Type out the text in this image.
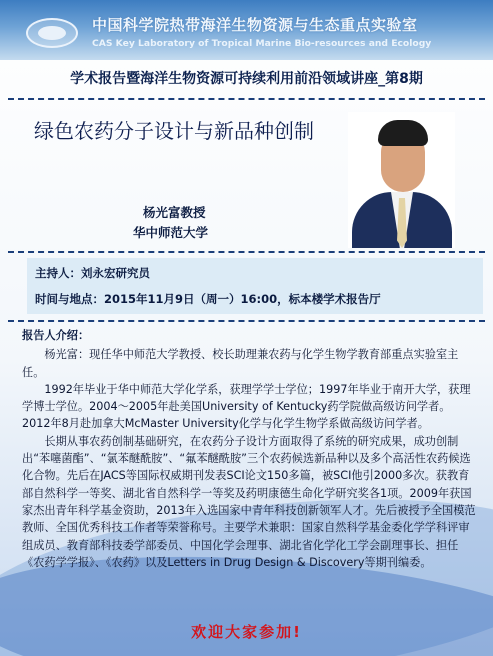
中国科学院热带海洋生物资源与生态重点实验室
CAS Key Laboratory of Tropical Marine Bio-resources and Ecology
学术报告暨海洋生物资源可持续利用前沿领域讲座_第8期
绿色农药分子设计与新品种创制
杨光富教授
华中师范大学
主持人：刘永宏研究员
时间与地点：2015年11月9日（周一）16:00，标本楼学术报告厅

报告人介绍：

杨光富：现任华中师范大学教授、校长助理兼农药与化学生物学教育部重点实验室主任。

1992年毕业于华中师范大学化学系，获理学学士学位；1997年毕业于南开大学，获理学博士学位。2004～2005年赴美国University of Kentucky药学院做高级访问学者。2012年8月赴加拿大McMaster University化学与化学生物学系做高级访问学者。

长期从事农药创制基础研究，在农药分子设计方面取得了系统的研究成果，成功创制出“苯噻菌酯”、“氯苯醚酰胺”、“氟苯醚酰胺”三个农药候选新品种以及多个高活性农药候选化合物。先后在JACS等国际权威期刊发表SCI论文150多篇，被SCI他引2000多次。获教育部自然科学一等奖、湖北省自然科学一等奖及药明康德生命化学研究奖各1项。2009年获国家杰出青年科学基金资助，2013年入选国家中青年科技创新领军人才。先后被授予全国模范教师、全国优秀科技工作者等荣誉称号。主要学术兼职：国家自然科学基金委化学学科评审组成员、教育部科技委学部委员、中国化学会理事、湖北省化学化工学会副理事长、担任《农药学学报》、《农药》以及Letters in Drug Design & Discovery等期刊编委。

欢迎大家参加!
